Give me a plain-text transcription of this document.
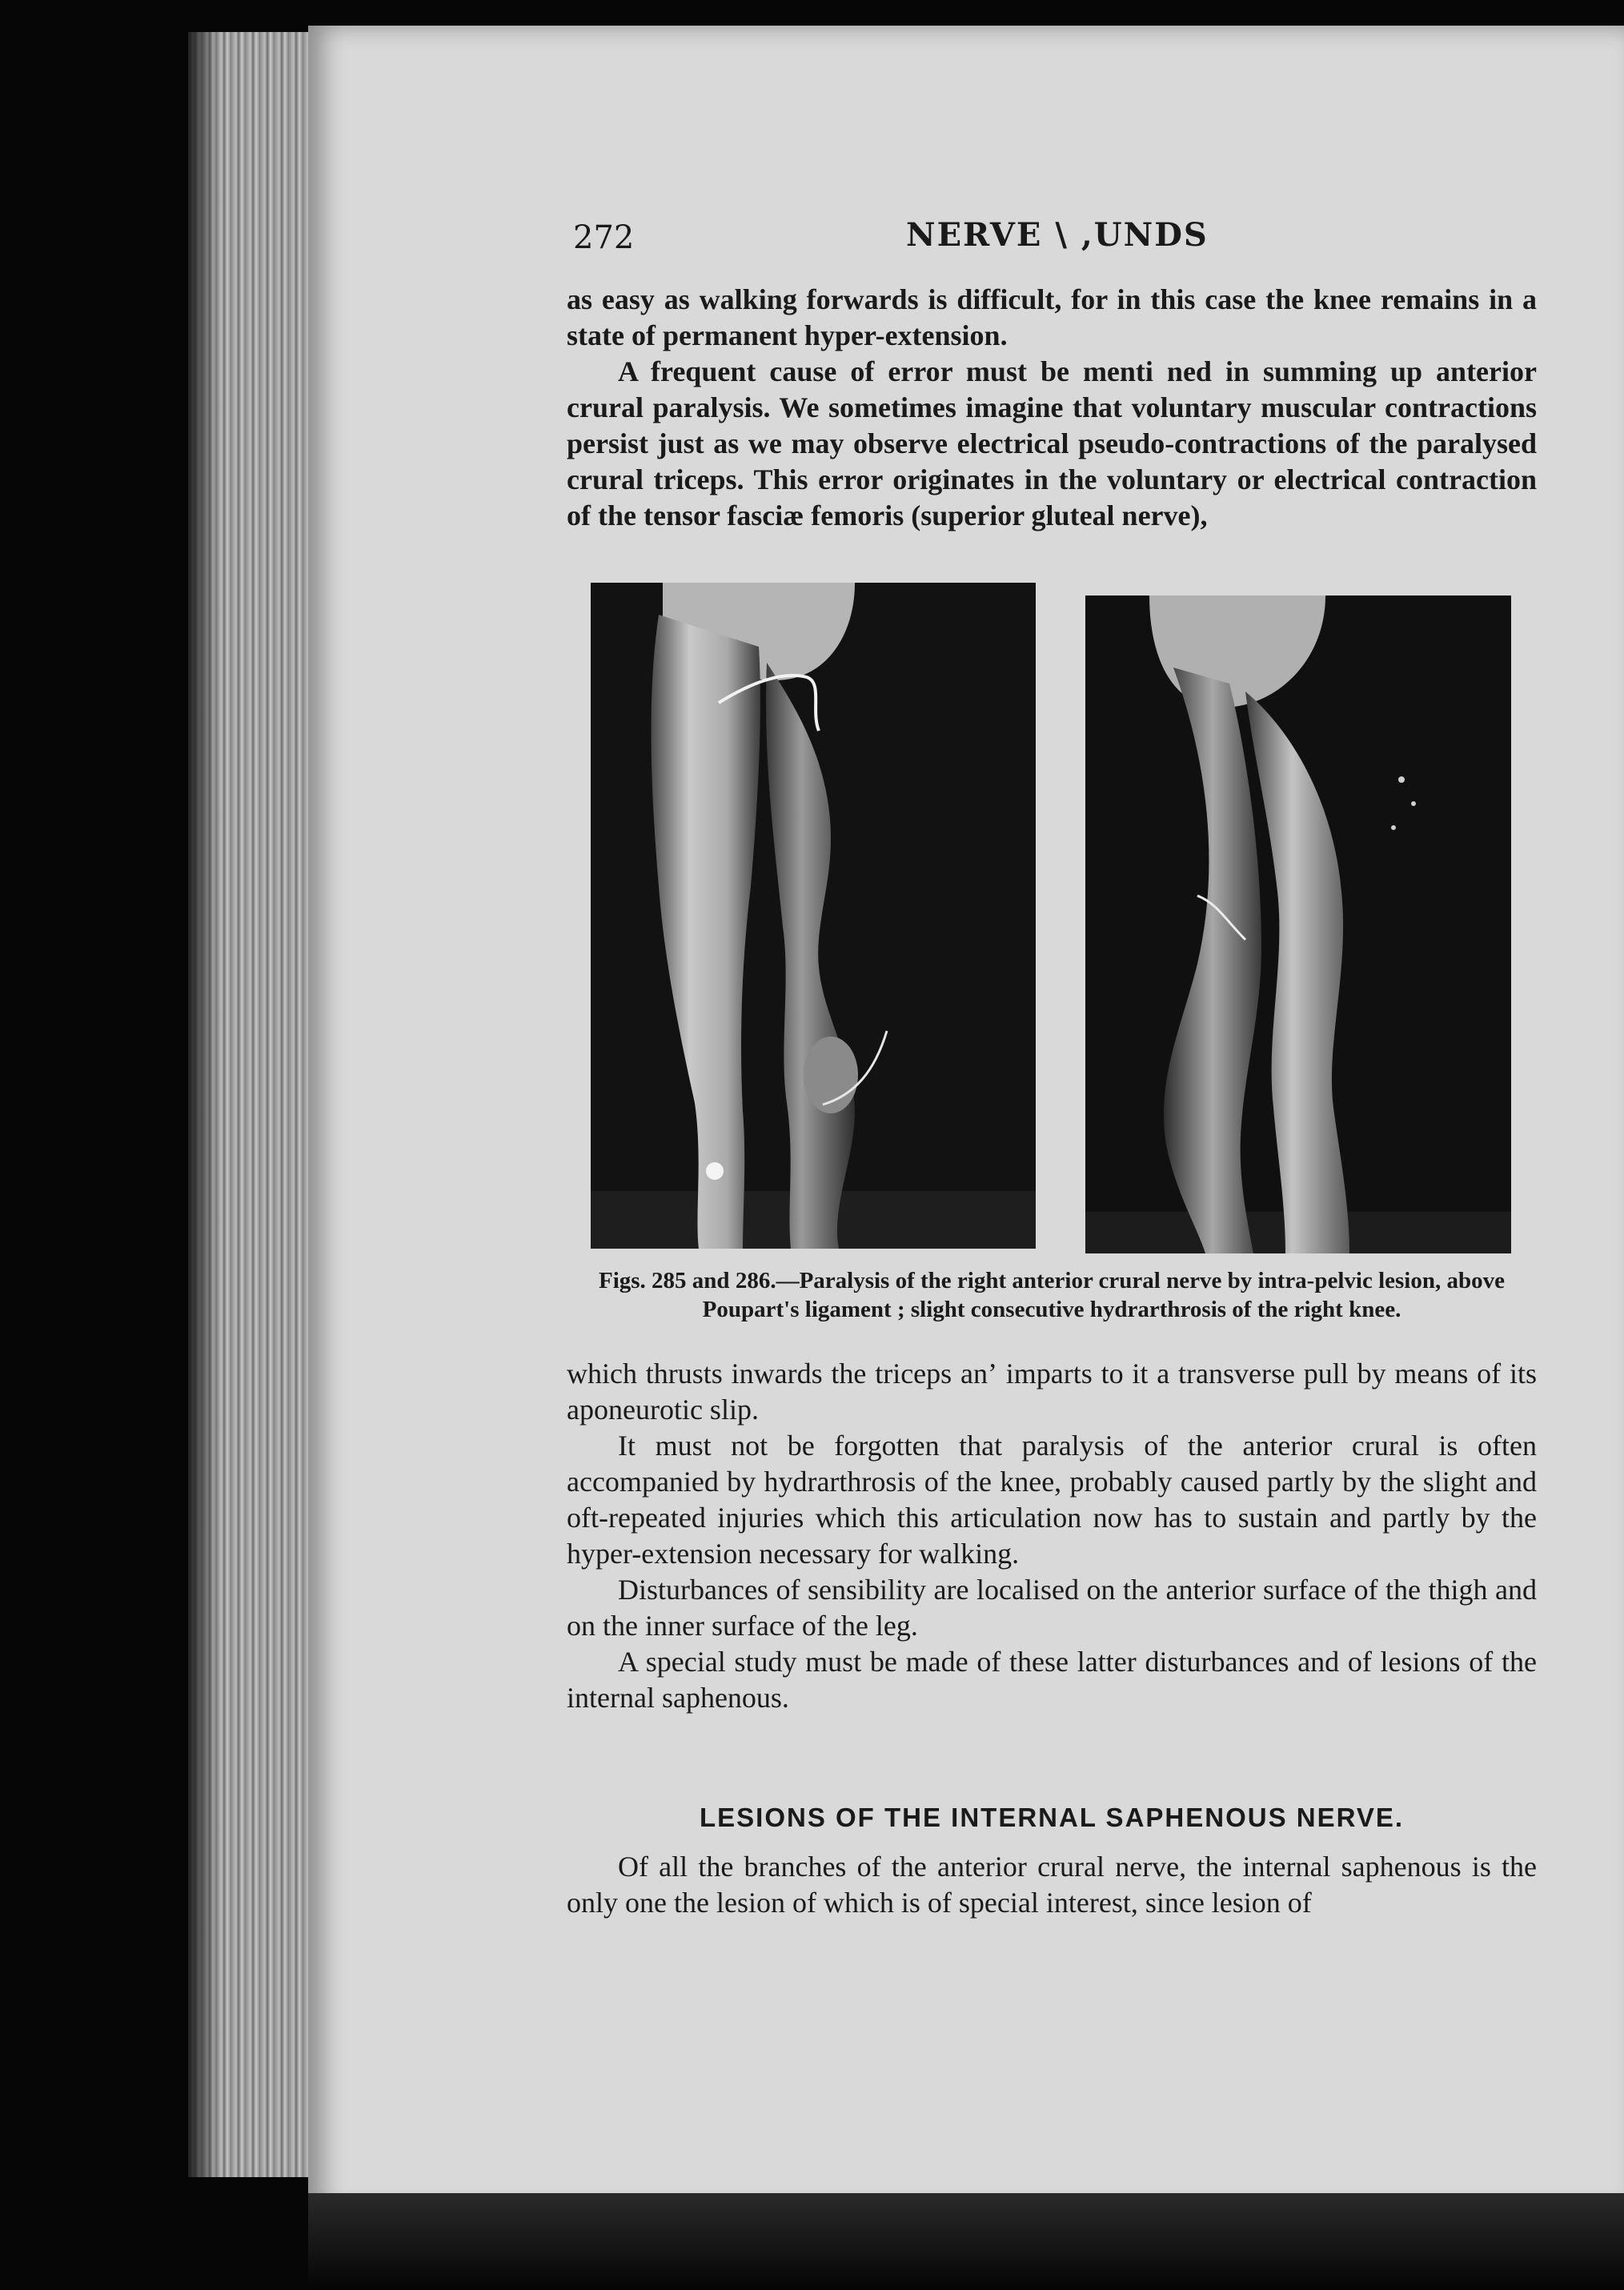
272	NERVE \ ,UNDS

as easy as walking forwards is difficult, for in this case the knee remains in a state of permanent hyper-extension.

A frequent cause of error must be menti ned in summing up anterior crural paralysis. We sometimes imagine that voluntary muscular contractions persist just as we may observe electrical pseudo-contractions of the paralysed crural triceps. This error originates in the voluntary or electrical contraction of the tensor fasciæ femoris (superior gluteal nerve),

Figs. 285 and 286.—Paralysis of the right anterior crural nerve by intra-pelvic lesion, above Poupart's ligament ; slight consecutive hydrarthrosis of the right knee.

which thrusts inwards the triceps anʼ imparts to it a transverse pull by means of its aponeurotic slip.

It must not be forgotten that paralysis of the anterior crural is often accompanied by hydrarthrosis of the knee, probably caused partly by the slight and oft-repeated injuries which this articulation now has to sustain and partly by the hyper-extension necessary for walking.

Disturbances of sensibility are localised on the anterior surface of the thigh and on the inner surface of the leg.

A special study must be made of these latter disturbances and of lesions of the internal saphenous.

LESIONS OF THE INTERNAL SAPHENOUS NERVE.

Of all the branches of the anterior crural nerve, the internal saphenous is the only one the lesion of which is of special interest, since lesion of
